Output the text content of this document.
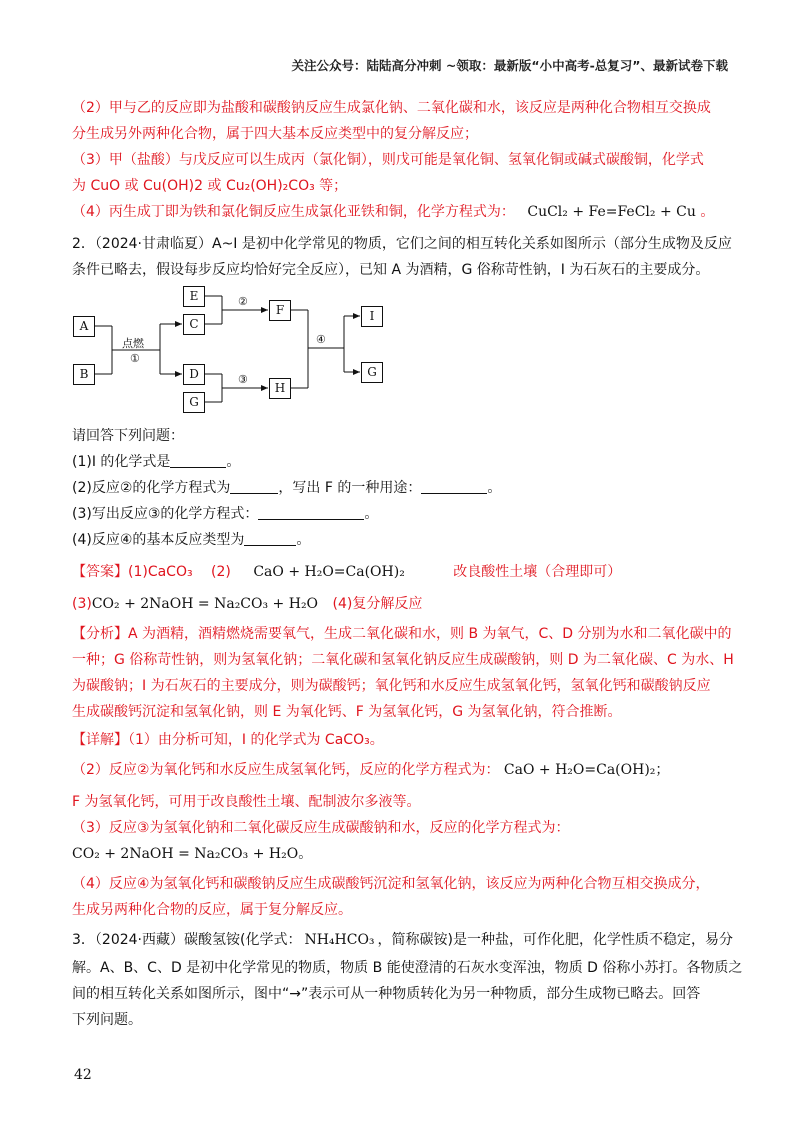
关注公众号：陆陆高分冲刺 ~领取：最新版“小中高考-总复习”、最新试卷下载
（2）甲与乙的反应即为盐酸和碳酸钠反应生成氯化钠、二氧化碳和水，该反应是两种化合物相互交换成
分生成另外两种化合物，属于四大基本反应类型中的复分解反应；
（3）甲（盐酸）与戊反应可以生成丙（氯化铜），则戊可能是氧化铜、氢氧化铜或碱式碳酸铜，化学式
为 CuO 或 Cu(OH)2 或 Cu₂(OH)₂CO₃ 等；
（4）丙生成丁即为铁和氯化铜反应生成氯化亚铁和铜，化学方程式为： CuCl₂ + Fe=FeCl₂ + Cu 。
2．（2024·甘肃临夏）A~I 是初中化学常见的物质，它们之间的相互转化关系如图所示（部分生成物及反应
条件已略去，假设每步反应均恰好完全反应），已知 A 为酒精，G 俗称苛性钠，I 为石灰石的主要成分。
A
B
E
C
D
G
F
H
I
G
点燃
①
②
③
④
请回答下列问题：
(1)I 的化学式是	。
(2)反应②的化学方程式为	，写出 F 的一种用途：	。
(3)写出反应③的化学方程式：	。
(4)反应④的基本反应类型为	。
【答案】(1)CaCO₃ (2) CaO + H₂O=Ca(OH)₂	改良酸性土壤（合理即可）
(3)CO₂ + 2NaOH = Na₂CO₃ + H₂O (4)复分解反应
【分析】A 为酒精，酒精燃烧需要氧气，生成二氧化碳和水，则 B 为氧气，C、D 分别为水和二氧化碳中的
一种；G 俗称苛性钠，则为氢氧化钠；二氧化碳和氢氧化钠反应生成碳酸钠，则 D 为二氧化碳、C 为水、H
为碳酸钠；I 为石灰石的主要成分，则为碳酸钙；氧化钙和水反应生成氢氧化钙，氢氧化钙和碳酸钠反应
生成碳酸钙沉淀和氢氧化钠，则 E 为氧化钙、F 为氢氧化钙，G 为氢氧化钠，符合推断。
【详解】（1）由分析可知，I 的化学式为 CaCO₃。
（2）反应②为氧化钙和水反应生成氢氧化钙，反应的化学方程式为： CaO + H₂O=Ca(OH)₂；
F 为氢氧化钙，可用于改良酸性土壤、配制波尔多液等。
（3）反应③为氢氧化钠和二氧化碳反应生成碳酸钠和水，反应的化学方程式为：
CO₂ + 2NaOH = Na₂CO₃ + H₂O。
（4）反应④为氢氧化钙和碳酸钠反应生成碳酸钙沉淀和氢氧化钠，该反应为两种化合物互相交换成分，
生成另两种化合物的反应，属于复分解反应。
3．（2024·西藏）碳酸氢铵(化学式： NH₄HCO₃ ，简称碳铵)是一种盐，可作化肥，化学性质不稳定，易分
解。A、B、C、D 是初中化学常见的物质，物质 B 能使澄清的石灰水变浑浊，物质 D 俗称小苏打。各物质之
间的相互转化关系如图所示，图中“→”表示可从一种物质转化为另一种物质，部分生成物已略去。回答
下列问题。
42
